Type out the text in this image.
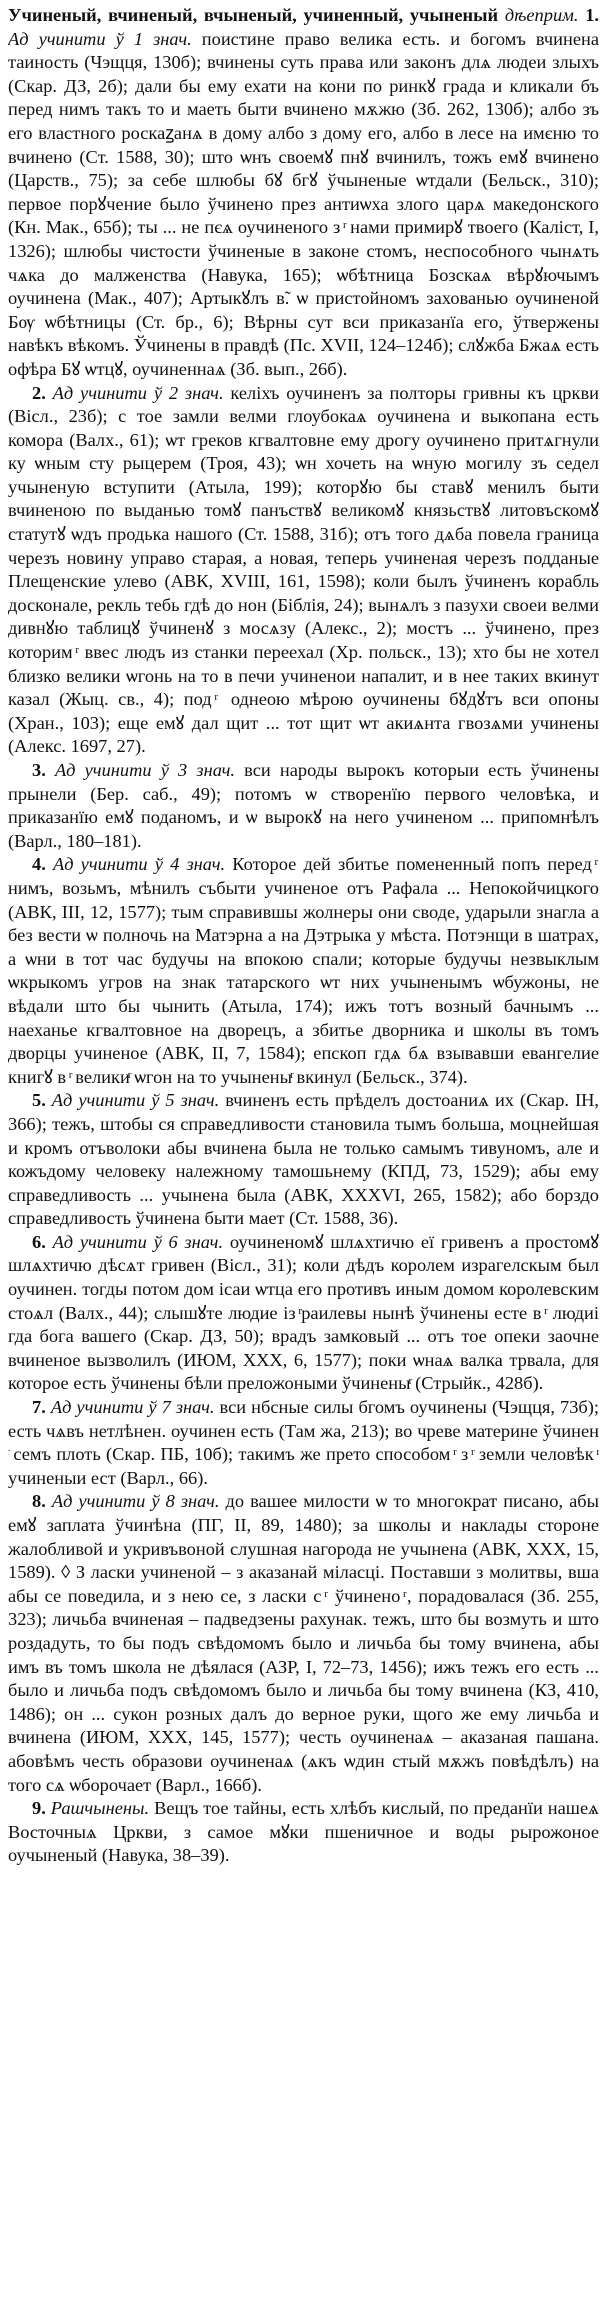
Учиненый, вчиненый, вчыненый, учиненный, учыненый дѣеприм. 1. Ад учинити ў 1 знач. поистине право велика есть. и богомъ вчинена таиность (Чэщця, 130б); вчинены суть права или законъ длѧ людеи злыхъ (Скар. ДЗ, 2б); дали бы ему ехати на кони по ринкꙋ града и кликали бъ перед нимъ такъ то и маеть быти вчинено мѫжю (Зб. 262, 130б); албо зъ его властного роскаꙁанѧ в дому албо з дому его, албо в лесе на имєню то вчинено (Ст. 1588, 30); што ѡнъ своемꙋ пнꙋ вчинилъ, тожъ емꙋ вчинено (Царств., 75); за себе шлюбы бꙋ бгꙋ ўчыненые ѡтдали (Бельск., 310); первое порꙋчение было ўчинено през антиѡха злого царѧ македонского (Кн. Мак., 65б); ты ... не пєѧ оучиненого з ͬ нами примирꙋ твоего (Каліст, I, 1326); шлюбы чистости ўчиненые в законе стомъ, неспособного чынѧть чѧка до малженства (Навука, 165); ѡбѣтница Бозскаѧ вѣрꙋючымъ оучинена (Мак., 407); Артыкꙋлъ в̃. ѡ пристойномъ захованью оучиненой Бѹ ѡбѣтницы (Ст. бр., 6); Вѣрны сут вси приказанїа его, ўтвержены навѣкъ вѣкомъ. Ўчинены в правдѣ (Пс. XVII, 124–124б); слꙋжба Бжаѧ есть офѣра Бꙋ ѡтцꙋ, оучиненнаѧ (Зб. вып., 26б).

2. Ад учинити ў 2 знач. келіхъ оучиненъ за полторы гривны къ цркви (Вісл., 23б); с тое замли велми глоубокаѧ оучинена и выкопана есть комора (Валх., 61); ѡт греков кгвалтовне ему дрогу оучинено притѧгнули ку ѡным сту рыцерем (Троя, 43); ѡн хочеть на ѡную могилу зъ седел учыненую вступити (Атыла, 199); которꙋю бы ставꙋ менилъ быти вчиненою по выданью томꙋ панъствꙋ великомꙋ князьствꙋ литовъскомꙋ статутꙋ ѡдъ продька нашого (Ст. 1588, 31б); отъ того дѧба повела граница черезъ новину управо старая, а новая, теперь учиненая черезъ подданые Плещенские улево (АВК, XVIII, 161, 1598); коли былъ ўчиненъ корабль досконале, рекль тебь гдѣ до нон (Біблія, 24); вынѧлъ з пазухи своеи велми дивнꙋю таблицꙋ ўчиненꙋ з мосѧзу (Алекс., 2); мостъ ... ўчинено, през которим ͬ ввес людъ из станки переехал (Хр. польск., 13); хто бы не хотел близко велики ѡгонь на то в печи учиненои напалит, и в нее таких вкинут казал (Жыц. св., 4); под ͬ однеою мѣрою оучинены бꙋдꙋтъ вси опоны (Хран., 103); еще емꙋ дал щит ... тот щит ѡт акиѧнта гвозѧми учинены (Алекс. 1697, 27).

3. Ад учинити ў 3 знач. вси народы вырокъ которыи есть ўчинены прынели (Бер. саб., 49); потомъ ѡ створенїю первого человѣка, и приказанїю емꙋ поданомъ, и ѡ вырокꙋ на него учиненом ... припомнѣлъ (Варл., 180–181).

4. Ад учинити ў 4 знач. Которое дей збитье помененный попъ перед ͬ нимъ, возьмъ, мѣнилъ събыти учиненое отъ Рафала ... Непокойчицкого (АВК, III, 12, 1577); тым справившы жолнеры они своде, ударыли знагла а без вести ѡ полночь на Матэрна а на Дэтрыка у мѣста. Потэнщи в шатрах, а ѡни в тот час будучы на впокою спали; которые будучы незвыклым ѡкрыкомъ угров на знак татарского ѡт них учыненымъ ѡбужоны, не вѣдали што бы чынить (Атыла, 174); ижъ тотъ возный бачнымъ ... наеханье кгвалтовное на дворецъ, а збитье дворника и школы въ томъ дворцы учиненое (АВК, II, 7, 1584); епскоп гдѧ бѧ взывавши евангелие книгꙋ в ͬ великиͬ ѡгон на то учыненыͬ вкинул (Бельск., 374).

5. Ад учинити ў 5 знач. вчиненъ есть прѣделъ достоаниѧ их (Скар. IН, 366); тежъ, штобы ся справедливости становила тымъ больша, моцнейшая и кромъ отъволоки абы вчинена была не только самымъ тивуномъ, але и кожъдому человеку належному тамошьнему (КПД, 73, 1529); абы ему справедливость ... учынена была (АВК, XXXVI, 265, 1582); або борздо справедливость ўчинена быти мает (Ст. 1588, 36).

6. Ад учинити ў 6 знач. оучиненомꙋ шлѧхтичю еї гривенъ а простомꙋ шлѧхтичю дѣсѧт гривен (Вісл., 31); коли дѣдъ королем израгелскым был оучинен. тогды потом дом ісаи ѡтца его противъ иным домом королевским стоѧл (Валх., 44); слышꙋте людие із ͬраилевы нынѣ ўчинены есте в ͬ людиі гда бога вашего (Скар. ДЗ, 50); врадъ замковый ... отъ тое опеки заочне вчиненое вызволилъ (ИЮМ, ХХХ, 6, 1577); поки ѡнаѧ валка трвала, для которое есть ўчинены бѣли преложоными ўчиненыͬ (Стрыйк., 428б).

7. Ад учинити ў 7 знач. вси нбсные силы бгомъ оучинены (Чэщця, 73б); есть чѧвъ нетлѣнен. оучинен есть (Там жа, 213); во чреве материне ўчинен ͬ семъ плоть (Скар. ПБ, 10б); такимъ же прето способом ͬ з ͬ земли человѣк ͬ учиненыи ест (Варл., 66).

8. Ад учинити ў 8 знач. до вашее милости ѡ то многократ писано, абы емꙋ заплата ўчинѣна (ПГ, II, 89, 1480); за школы и наклады стороне жалобливой и укривъвоной слушная нагорода не учынена (АВК, XXX, 15, 1589). ◊ З ласки учиненой – з аказанай міласці. Поставши з молитвы, вша абы се поведила, и з нею се, з ласки с ͬ ўчинено ͬ, порадовалася (Зб. 255, 323); личьба вчиненая – падведзены рахунак. тежъ, што бы возмуть и што роздадуть, то бы подъ свѣдомомъ было и личьба бы тому вчинена, абы имъ въ томъ школа не дѣялася (АЗР, I, 72–73, 1456); ижъ тежъ его есть ... было и личьба подъ свѣдомомъ было и личьба бы тому вчинена (КЗ, 410, 1486); он ... сукон розных далъ до верное руки, щого же ему личьба и вчинена (ИЮМ, ХХХ, 145, 1577); честь оучиненаѧ – аказаная пашана. абовѣмъ честь образови оучиненаѧ (ѧкъ ѡдин стый мѫжъ повѣдѣлъ) на того сѧ ѡборочает (Варл., 166б).

9. Рашчынены. Вещъ тое тайны, есть хлѣбъ кислый, по преданїи нашеѧ Восточныѧ Цркви, з самое мꙋки пшеничное и воды рырожоное оучыненый (Навука, 38–39).
